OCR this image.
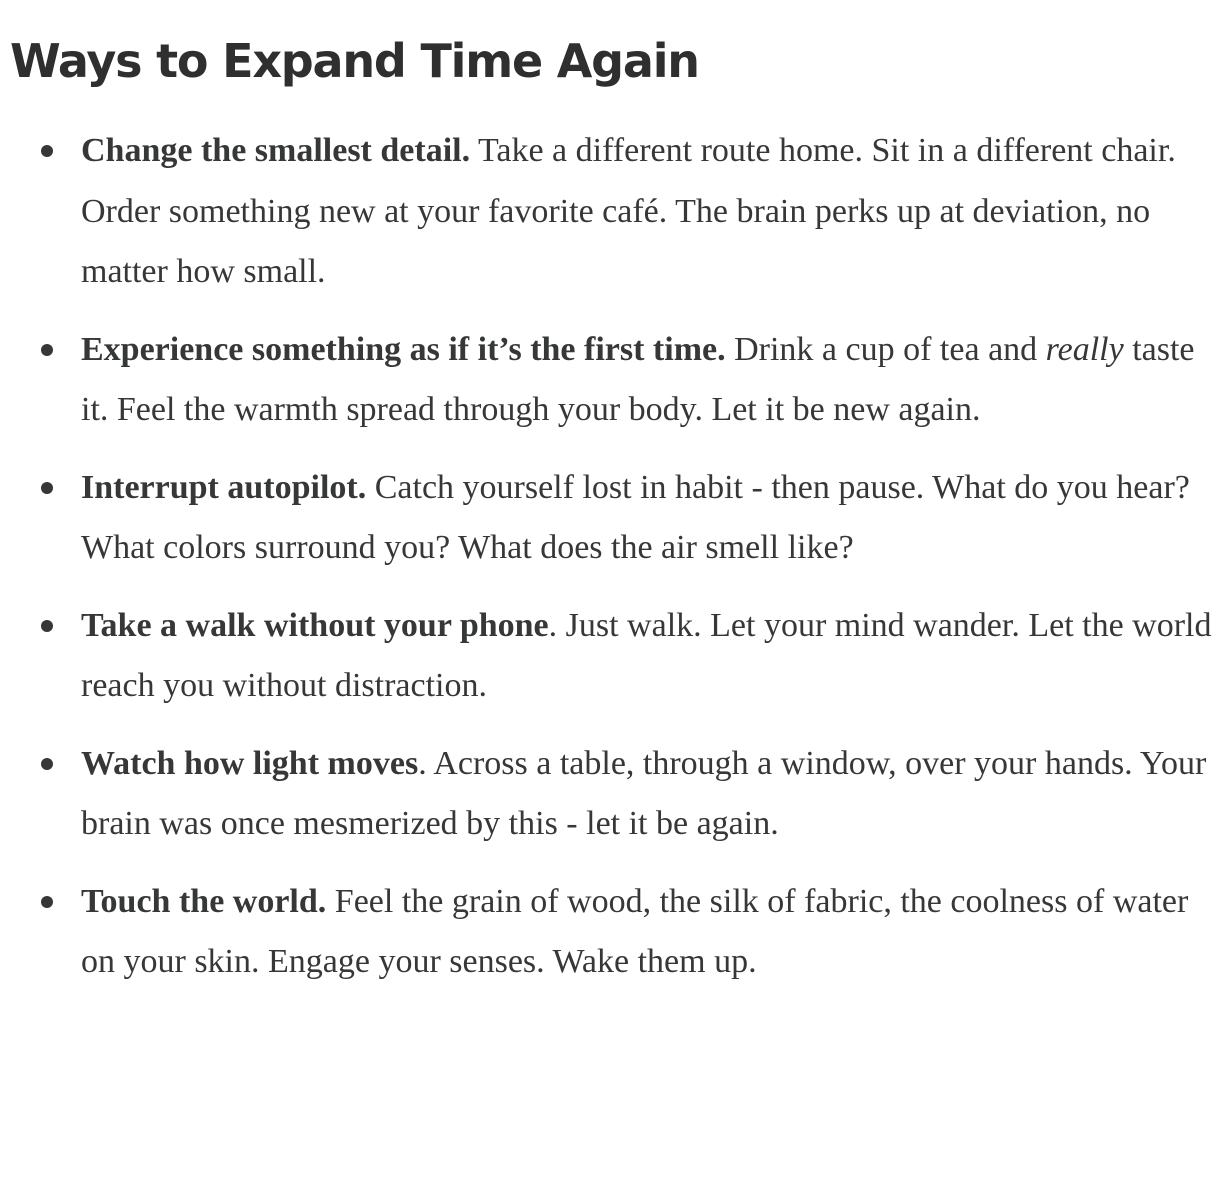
Ways to Expand Time Again
Change the smallest detail. Take a different route home. Sit in a different chair. Order something new at your favorite café. The brain perks up at deviation, no matter how small.
Experience something as if it’s the first time. Drink a cup of tea and really taste it. Feel the warmth spread through your body. Let it be new again.
Interrupt autopilot. Catch yourself lost in habit - then pause. What do you hear? What colors surround you? What does the air smell like?
Take a walk without your phone. Just walk. Let your mind wander. Let the world reach you without distraction.
Watch how light moves. Across a table, through a window, over your hands. Your brain was once mesmerized by this - let it be again.
Touch the world. Feel the grain of wood, the silk of fabric, the coolness of water on your skin. Engage your senses. Wake them up.
